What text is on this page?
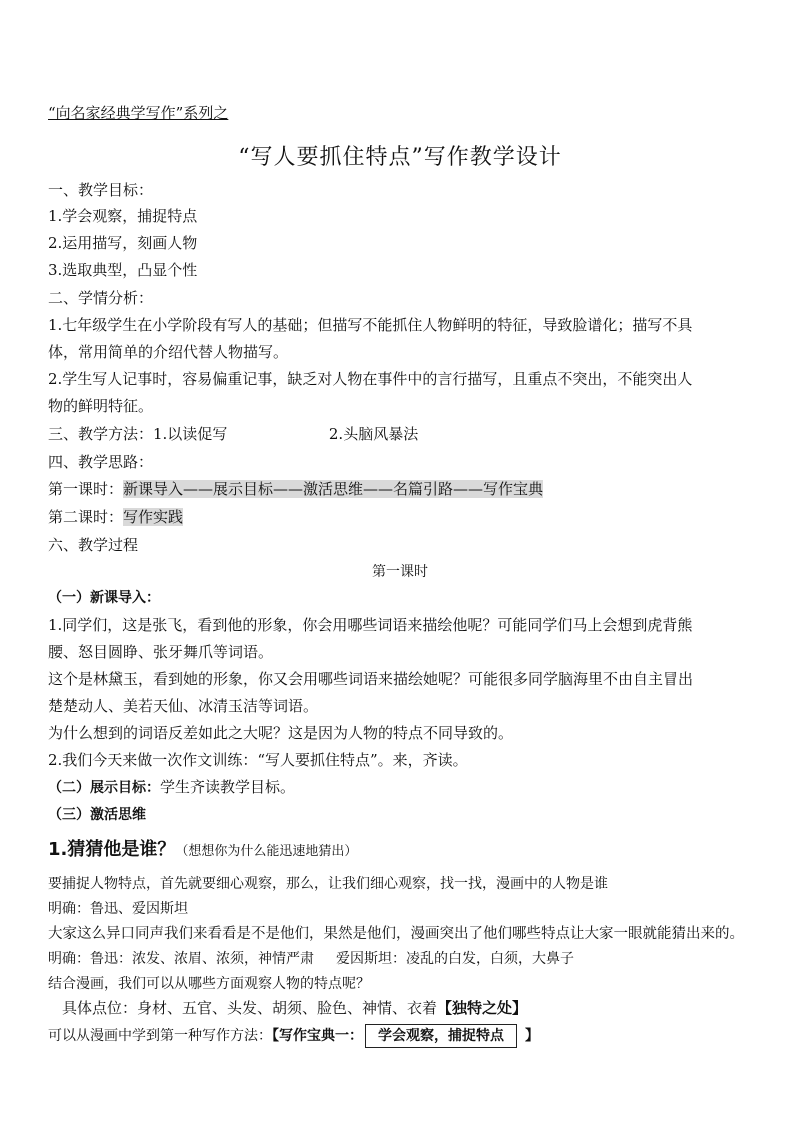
“向名家经典学写作”系列之
“写人要抓住特点”写作教学设计
一、教学目标：
1.学会观察，捕捉特点
2.运用描写，刻画人物
3.选取典型，凸显个性
二、学情分析：
1.七年级学生在小学阶段有写人的基础；但描写不能抓住人物鲜明的特征，导致脸谱化；描写不具
体，常用简单的介绍代替人物描写。
2.学生写人记事时，容易偏重记事，缺乏对人物在事件中的言行描写，且重点不突出，不能突出人
物的鲜明特征。
三、教学方法：1.以读促写	2.头脑风暴法
四、教学思路：
第一课时：新课导入——展示目标——激活思维——名篇引路——写作宝典
第二课时：写作实践
六、教学过程
第一课时
（一）新课导入：
1.同学们，这是张飞，看到他的形象，你会用哪些词语来描绘他呢？可能同学们马上会想到虎背熊
腰、怒目圆睁、张牙舞爪等词语。
这个是林黛玉，看到她的形象，你又会用哪些词语来描绘她呢？可能很多同学脑海里不由自主冒出
楚楚动人、美若天仙、冰清玉洁等词语。
为什么想到的词语反差如此之大呢？这是因为人物的特点不同导致的。
2.我们今天来做一次作文训练：“写人要抓住特点”。来，齐读。
（二）展示目标：学生齐读教学目标。
（三）激活思维
1.猜猜他是谁？（想想你为什么能迅速地猜出）
要捕捉人物特点，首先就要细心观察，那么，让我们细心观察，找一找，漫画中的人物是谁
明确：鲁迅、爱因斯坦
大家这么异口同声我们来看看是不是他们，果然是他们，漫画突出了他们哪些特点让大家一眼就能猜出来的。
明确：鲁迅：浓发、浓眉、浓须，神情严肃 爱因斯坦：凌乱的白发，白须，大鼻子
结合漫画，我们可以从哪些方面观察人物的特点呢？
具体点位：身材、五官、头发、胡须、脸色、神情、衣着【独特之处】
可以从漫画中学到第一种写作方法：【写作宝典一： 学会观察，捕捉特点 】
